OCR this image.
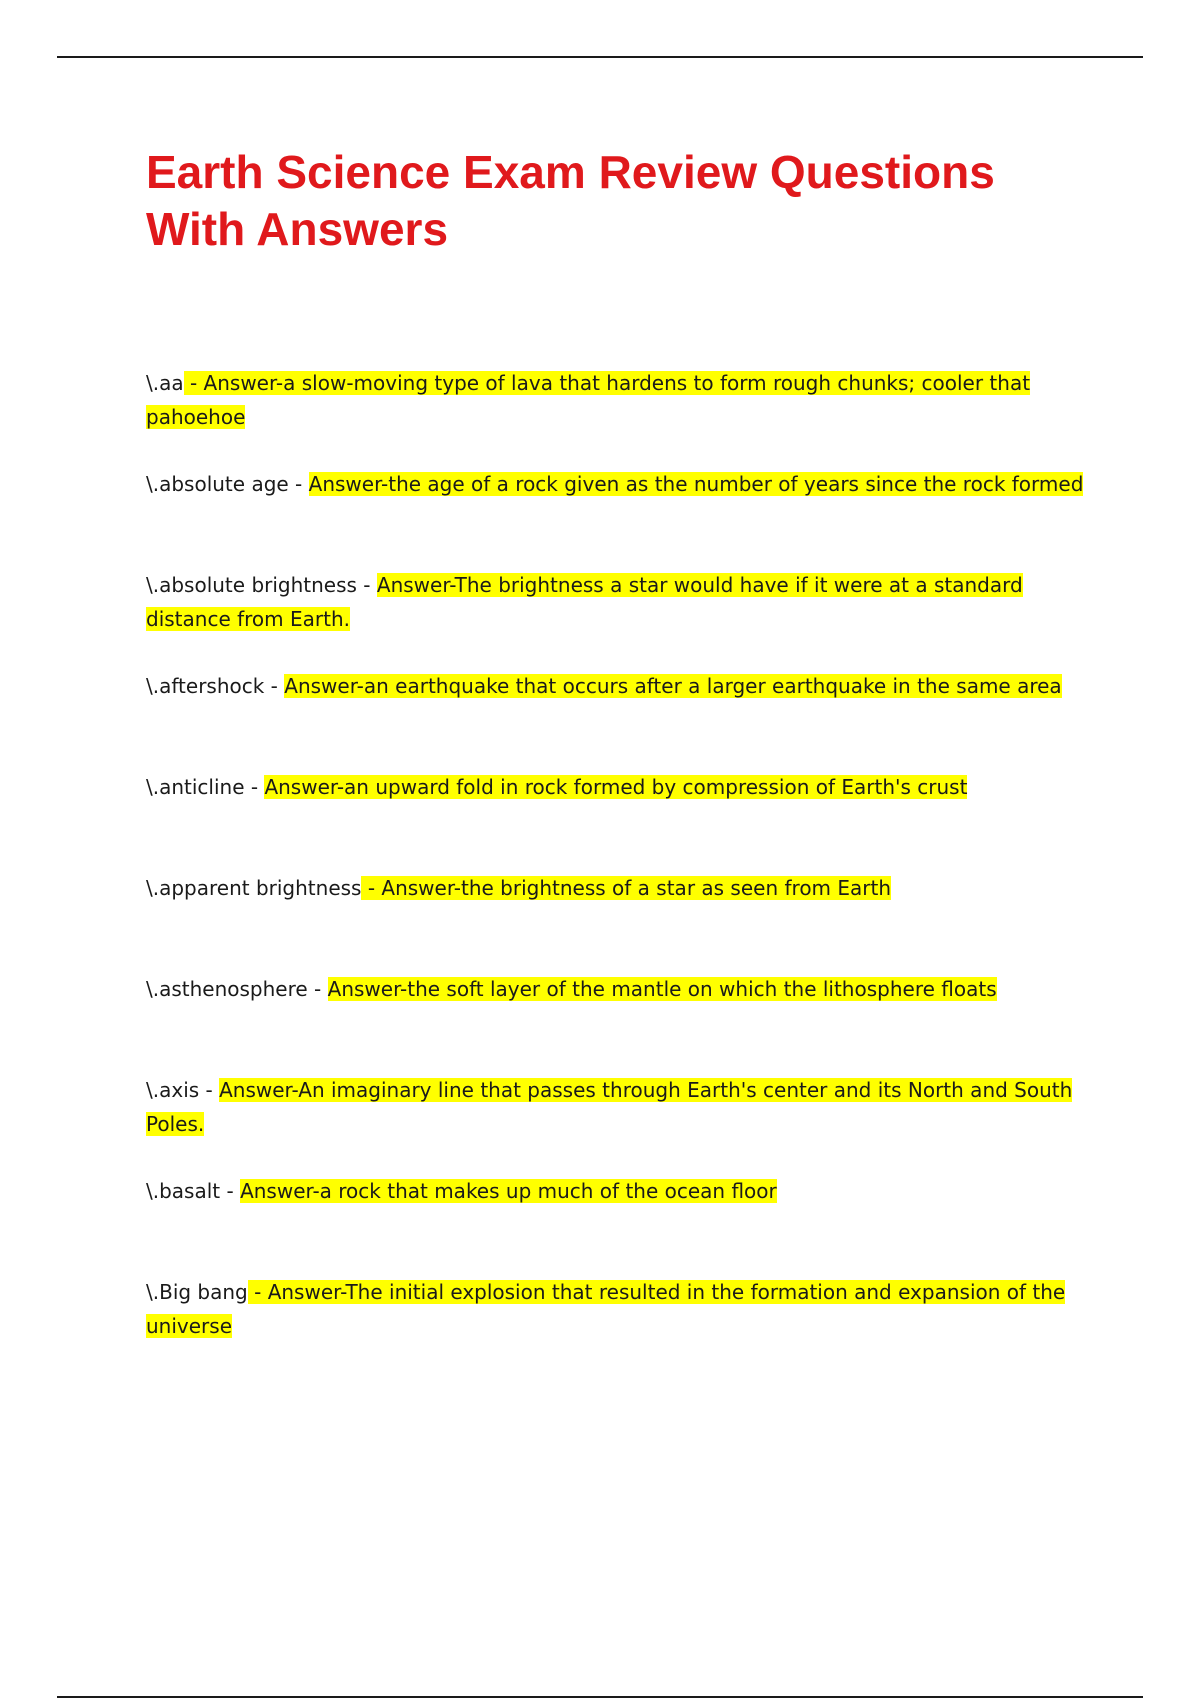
Earth Science Exam Review Questions With Answers
\.aa - Answer-a slow-moving type of lava that hardens to form rough chunks; cooler that pahoehoe
\.absolute age - Answer-the age of a rock given as the number of years since the rock formed
\.absolute brightness - Answer-The brightness a star would have if it were at a standard distance from Earth.
\.aftershock - Answer-an earthquake that occurs after a larger earthquake in the same area
\.anticline - Answer-an upward fold in rock formed by compression of Earth's crust
\.apparent brightness - Answer-the brightness of a star as seen from Earth
\.asthenosphere - Answer-the soft layer of the mantle on which the lithosphere floats
\.axis - Answer-An imaginary line that passes through Earth's center and its North and South Poles.
\.basalt - Answer-a rock that makes up much of the ocean floor
\.Big bang - Answer-The initial explosion that resulted in the formation and expansion of the universe
